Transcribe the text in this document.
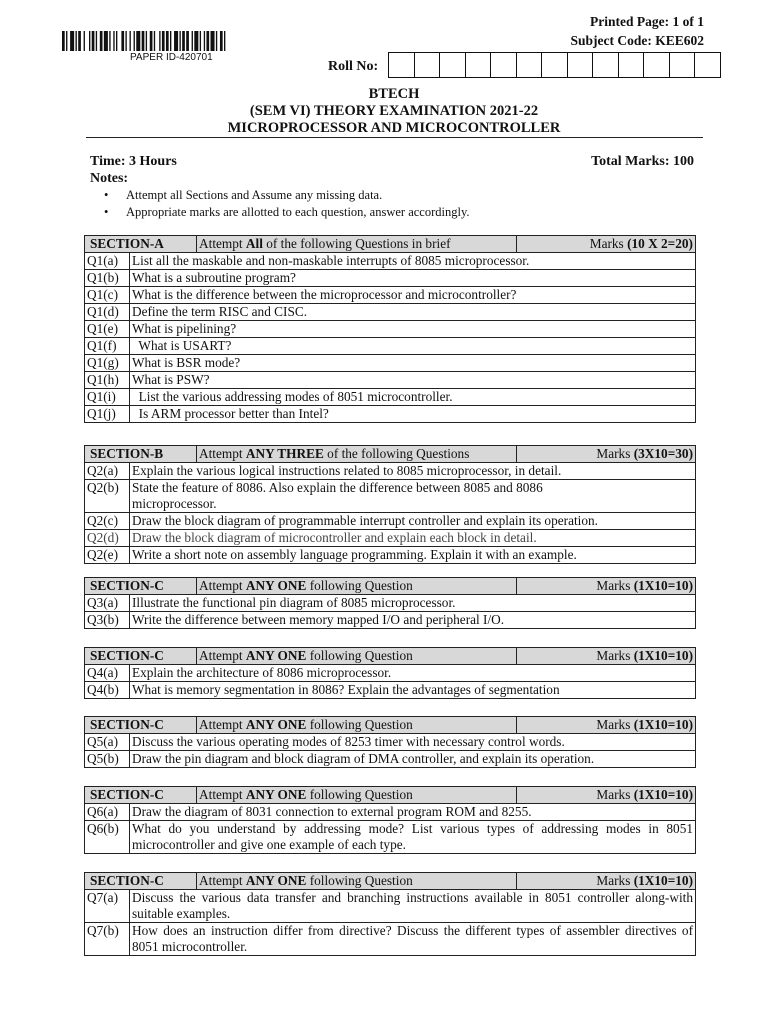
Printed Page: 1 of 1
Subject Code: KEE602
PAPER ID-420701
Roll No:
BTECH
(SEM VI) THEORY EXAMINATION 2021-22
MICROPROCESSOR AND MICROCONTROLLER
Time: 3 Hours	Total Marks: 100
Notes:
• Attempt all Sections and Assume any missing data.
• Appropriate marks are allotted to each question, answer accordingly.
SECTION-A		Attempt All of the following Questions in brief	Marks (10 X 2=20)
Q1(a)	List all the maskable and non-maskable interrupts of 8085 microprocessor.		
Q1(b)	What is a subroutine program?		
Q1(c)	What is the difference between the microprocessor and microcontroller?		
Q1(d)	Define the term RISC and CISC.		
Q1(e)	What is pipelining?		
Q1(f)	What is USART?		
Q1(g)	What is BSR mode?		
Q1(h)	What is PSW?		
Q1(i)	List the various addressing modes of 8051 microcontroller.		
Q1(j)	Is ARM processor better than Intel?		
SECTION-B		Attempt ANY THREE of the following Questions	Marks (3X10=30)
Q2(a)	Explain the various logical instructions related to 8085 microprocessor, in detail.		
Q2(b)	State the feature of 8086. Also explain the difference between 8085 and 8086 microprocessor.		
Q2(c)	Draw the block diagram of programmable interrupt controller and explain its operation.		
Q2(d)	Draw the block diagram of microcontroller and explain each block in detail.		
Q2(e)	Write a short note on assembly language programming. Explain it with an example.		
SECTION-C		Attempt ANY ONE following Question	Marks (1X10=10)
Q3(a)	Illustrate the functional pin diagram of 8085 microprocessor.		
Q3(b)	Write the difference between memory mapped I/O and peripheral I/O.		
SECTION-C		Attempt ANY ONE following Question	Marks (1X10=10)
Q4(a)	Explain the architecture of 8086 microprocessor.		
Q4(b)	What is memory segmentation in 8086? Explain the advantages of segmentation		
SECTION-C		Attempt ANY ONE following Question	Marks (1X10=10)
Q5(a)	Discuss the various operating modes of 8253 timer with necessary control words.		
Q5(b)	Draw the pin diagram and block diagram of DMA controller, and explain its operation.		
SECTION-C		Attempt ANY ONE following Question	Marks (1X10=10)
Q6(a)	Draw the diagram of 8031 connection to external program ROM and 8255.		
Q6(b)	What do you understand by addressing mode? List various types of addressing modes in 8051 microcontroller and give one example of each type.		
SECTION-C		Attempt ANY ONE following Question	Marks (1X10=10)
Q7(a)	Discuss the various data transfer and branching instructions available in 8051 controller along-with suitable examples.		
Q7(b)	How does an instruction differ from directive? Discuss the different types of assembler directives of 8051 microcontroller.		
